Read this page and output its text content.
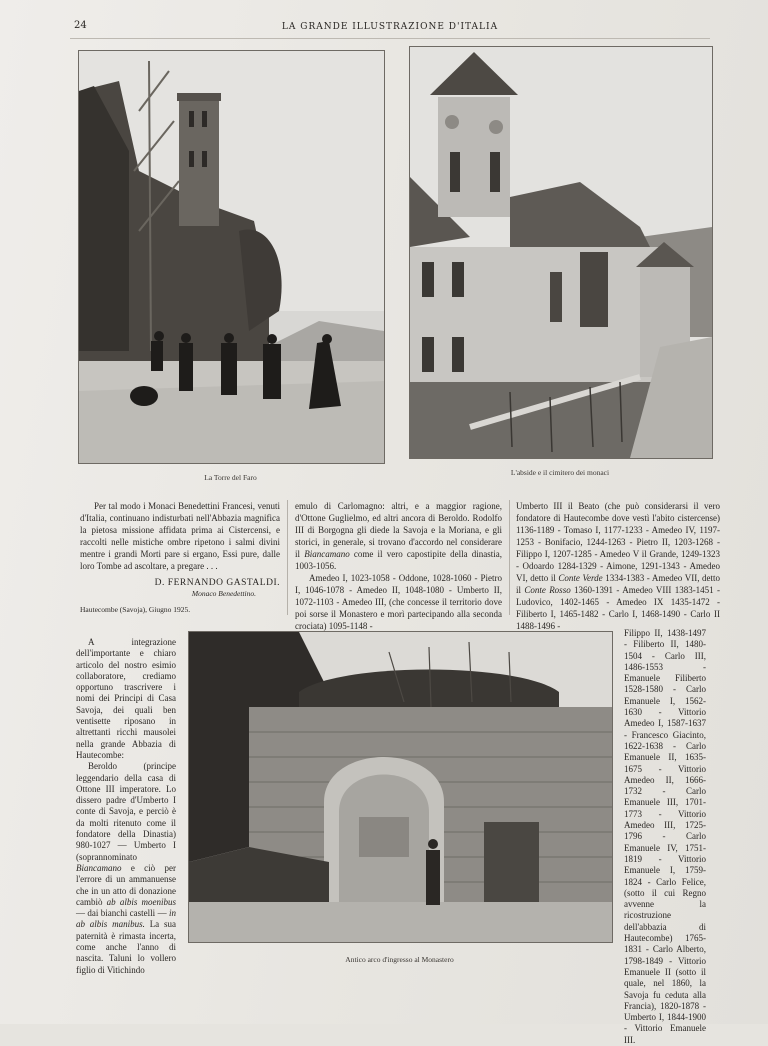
24	LA GRANDE ILLUSTRAZIONE D'ITALIA
La Torre del Faro
L'abside e il cimitero dei monaci

Per tal modo i Monaci Benedettini Francesi, venuti d'Italia, continuano indisturbati nell'Abbazia magnifica la pietosa missione affidata prima ai Cistercensi, e raccolti nelle mistiche ombre ripetono i salmi divini mentre i grandi Morti pare si ergano, Essi pure, dalle loro Tombe ad ascoltare, a pregare . . .

D. FERNANDO GASTALDI.
Monaco Benedettino.
Hautecombe (Savoja), Giugno 1925.

emulo di Carlomagno: altri, e a maggior ragione, d'Ottone Guglielmo, ed altri ancora di Beroldo. Rodolfo III di Borgogna gli diede la Savoja e la Moriana, e gli storici, in generale, si trovano d'accordo nel considerare il Biancamano come il vero capostipite della dinastia, 1003-1056.

Amedeo I, 1023-1058 - Oddone, 1028-1060 - Pietro I, 1046-1078 - Amedeo II, 1048-1080 - Umberto II, 1072-1103 - Amedeo III, (che concesse il territorio dove poi sorse il Monastero e morì partecipando alla seconda crociata) 1095-1148 -

Umberto III il Beato (che può considerarsi il vero fondatore di Hautecombe dove vestì l'abito cistercense) 1136-1189 - Tomaso I, 1177-1233 - Amedeo IV, 1197-1253 - Bonifacio, 1244-1263 - Pietro II, 1203-1268 - Filippo I, 1207-1285 - Amedeo V il Grande, 1249-1323 - Odoardo 1284-1329 - Aimone, 1291-1343 - Amedeo VI, detto il Conte Verde 1334-1383 - Amedeo VII, detto il Conte Rosso 1360-1391 - Amedeo VIII 1383-1451 - Ludovico, 1402-1465 - Amedeo IX 1435-1472 - Filiberto I, 1465-1482 - Carlo I, 1468-1490 - Carlo II 1488-1496 -

A integrazione dell'importante e chiaro articolo del nostro esimio collaboratore, crediamo opportuno trascrivere i nomi dei Principi di Casa Savoja, dei quali ben ventisette riposano in altrettanti ricchi mausolei nella grande Abbazia di Hautecombe:

Beroldo (principe leggendario della casa di Ottone III imperatore. Lo dissero padre d'Umberto I conte di Savoja, e perciò è da molti ritenuto come il fondatore della Dinastia) 980-1027 — Umberto I (soprannominato Biancamano e ciò per l'errore di un ammanuense che in un atto di donazione cambiò ab albis moenibus — dai bianchi castelli — in ab albis manibus. La sua paternità è rimasta incerta, come anche l'anno di nascita. Taluni lo vollero figlio di Vitichindo

Antico arco d'ingresso al Monastero

Filippo II, 1438-1497 - Filiberto II, 1480-1504 - Carlo III, 1486-1553 - Emanuele Filiberto 1528-1580 - Carlo Emanuele I, 1562-1630 - Vittorio Amedeo I, 1587-1637 - Francesco Giacinto, 1622-1638 - Carlo Emanuele II, 1635-1675 - Vittorio Amedeo II, 1666-1732 - Carlo Emanuele III, 1701-1773 - Vittorio Amedeo III, 1725-1796 - Carlo Emanuele IV, 1751-1819 - Vittorio Emanuele I, 1759-1824 - Carlo Felice, (sotto il cui Regno avvenne la ricostruzione dell'abbazia di Hautecombe) 1765-1831 - Carlo Alberto, 1798-1849 - Vittorio Emanuele II (sotto il quale, nel 1860, la Savoja fu ceduta alla Francia), 1820-1878 - Umberto I, 1844-1900 - Vittorio Emanuele III.
